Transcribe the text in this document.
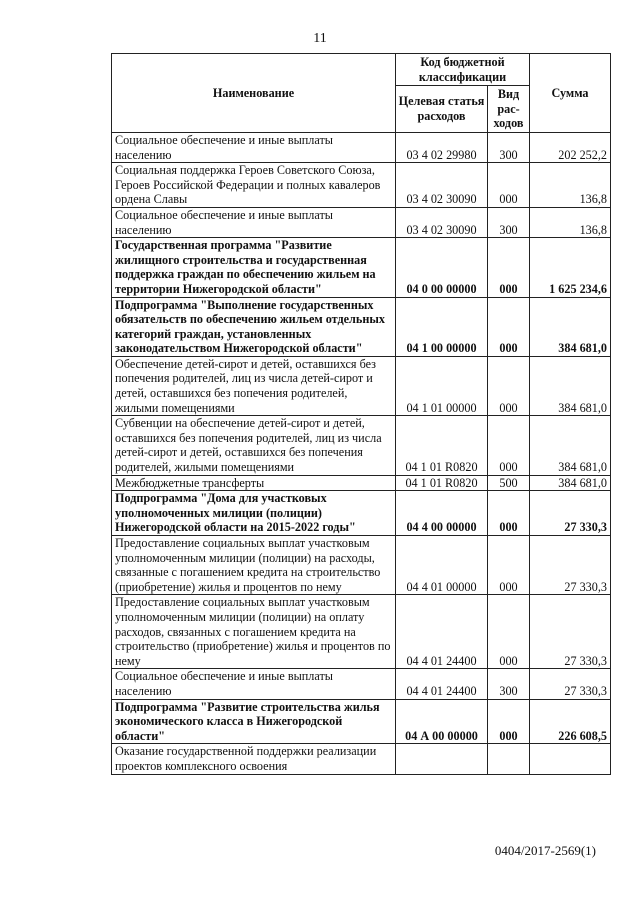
11
Наименование	Код бюджетной классификации		Сумма
	Целевая статья расходов	Вид рас-ходов	
Социальное обеспечение и иные выплаты населению	03 4 02 29980	300	202 252,2
Социальная поддержка Героев Советского Союза, Героев Российской Федерации и полных кавалеров ордена Славы	03 4 02 30090	000	136,8
Социальное обеспечение и иные выплаты населению	03 4 02 30090	300	136,8
Государственная программа "Развитие жилищного строительства и государственная поддержка граждан по обеспечению жильем на территории Нижегородской области"	04 0 00 00000	000	1 625 234,6
Подпрограмма "Выполнение государственных обязательств по обеспечению жильем отдельных категорий граждан, установленных законодательством Нижегородской области"	04 1 00 00000	000	384 681,0
Обеспечение детей-сирот и детей, оставшихся без попечения родителей, лиц из числа детей-сирот и детей, оставшихся без попечения родителей, жилыми помещениями	04 1 01 00000	000	384 681,0
Субвенции на обеспечение детей-сирот и детей, оставшихся без попечения родителей, лиц из числа детей-сирот и детей, оставшихся без попечения родителей, жилыми помещениями	04 1 01 R0820	000	384 681,0
Межбюджетные трансферты	04 1 01 R0820	500	384 681,0
Подпрограмма "Дома для участковых уполномоченных милиции (полиции) Нижегородской области на 2015-2022 годы"	04 4 00 00000	000	27 330,3
Предоставление социальных выплат участковым уполномоченным милиции (полиции) на расходы, связанные с погашением кредита на строительство (приобретение) жилья и процентов по нему	04 4 01 00000	000	27 330,3
Предоставление социальных выплат участковым уполномоченным милиции (полиции) на оплату расходов, связанных с погашением кредита на строительство (приобретение) жилья и процентов по нему	04 4 01 24400	000	27 330,3
Социальное обеспечение и иные выплаты населению	04 4 01 24400	300	27 330,3
Подпрограмма "Развитие строительства жилья экономического класса в Нижегородской области"	04 А 00 00000	000	226 608,5
Оказание государственной поддержки реализации проектов комплексного освоения			
0404/2017-2569(1)
